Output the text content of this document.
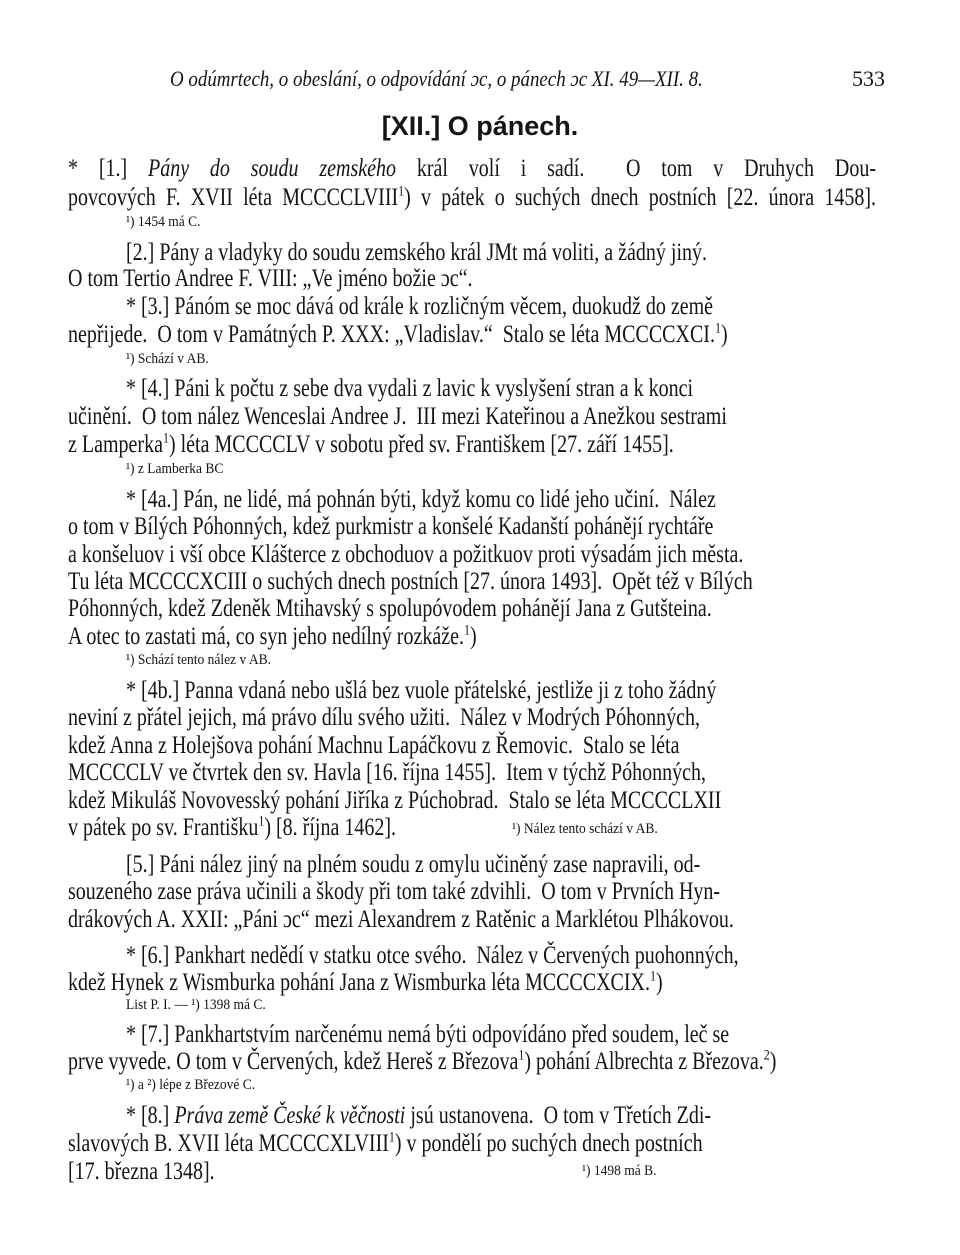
O odúmrtech, o obeslání, o odpovídání ɔc, o pánech ɔc XI. 49—XII. 8.	533
[XII.] O pánech.
* [1.] Pány do soudu zemského král volí i sadí.  O tom v Druhych Dou-
povcových F. XVII léta MCCCCLVIII$^1$) v pátek o suchých dnech postních [22. února 1458].
¹) 1454 má C.
[2.] Pány a vladyky do soudu zemského král JMt má voliti, a žádný jiný.
O tom Tertio Andree F. VIII: „Ve jméno božie ɔc“.
* [3.] Pánóm se moc dává od krále k rozličným věcem, duokudž do země
nepřijede.  O tom v Památných P. XXX: „Vladislav.“  Stalo se léta MCCCCXCI.$^1$)
¹) Schází v AB.
* [4.] Páni k počtu z sebe dva vydali z lavic k vyslyšení stran a k konci
učinění.  O tom nález Wenceslai Andree J.  III mezi Kateřinou a Anežkou sestrami
z Lamperka$^1$) léta MCCCCLV v sobotu před sv. Františkem [27. září 1455].
¹) z Lamberka BC
* [4a.] Pán, ne lidé, má pohnán býti, když komu co lidé jeho učiní.  Nález
o tom v Bílých Póhonných, kdež purkmistr a konšelé Kadanští pohánějí rychtáře
a konšeluov i vší obce Klášterce z obchoduov a požitkuov proti výsadám jich města.
Tu léta MCCCCXCIII o suchých dnech postních [27. února 1493].  Opět též v Bílých
Póhonných, kdež Zdeněk Mtihavský s spolupóvodem pohánějí Jana z Gutšteina.
A otec to zastati má, co syn jeho nedílný rozkáže.$^1$)
¹) Schází tento nález v AB.
* [4b.] Panna vdaná nebo ušlá bez vuole přátelské, jestliže ji z toho žádný
neviní z přátel jejich, má právo dílu svého užiti.  Nález v Modrých Póhonných,
kdež Anna z Holejšova pohání Machnu Lapáčkovu z Řemovic.  Stalo se léta
MCCCCLV ve čtvrtek den sv. Havla [16. října 1455].  Item v týchž Póhonných,
kdež Mikuláš Novovesský pohání Jiříka z Púchobrad.  Stalo se léta MCCCCLXII
v pátek po sv. Františku$^1$) [8. října 1462].	¹) Nález tento schází v AB.
[5.] Páni nález jiný na plném soudu z omylu učiněný zase napravili, od-
souzeného zase práva učinili a škody při tom také zdvihli.  O tom v Prvních Hyn-
drákových A. XXII: „Páni ɔc“ mezi Alexandrem z Ratěnic a Marklétou Plhákovou.
* [6.] Pankhart nedědí v statku otce svého.  Nález v Červených puohonných,
kdež Hynek z Wismburka pohání Jana z Wismburka léta MCCCCXCIX.$^1$)
List P. I. — ¹) 1398 má C.
* [7.] Pankhartstvím narčenému nemá býti odpovídáno před soudem, leč se
prve vyvede. O tom v Červených, kdež Hereš z Březova$^1$) pohání Albrechta z Březova.$^2$)
¹) a ²) lépe z Březové C.
* [8.] Práva země České k věčnosti jsú ustanovena.  O tom v Třetích Zdi-
slavových B. XVII léta MCCCCXLVIII$^1$) v pondělí po suchých dnech postních
[17. března 1348].	¹) 1498 má B.
